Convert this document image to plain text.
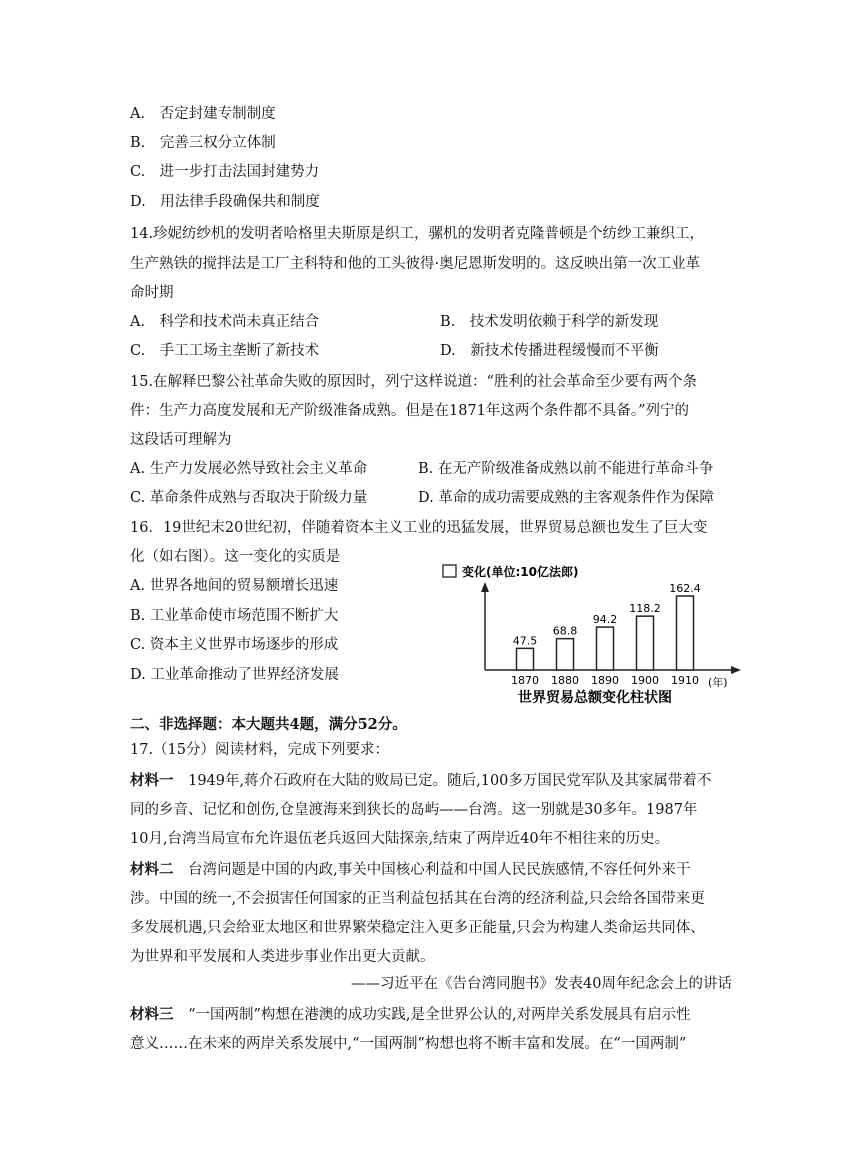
A.　否定封建专制制度
B.　完善三权分立体制
C.　进一步打击法国封建势力
D.　用法律手段确保共和制度
14.珍妮纺纱机的发明者哈格里夫斯原是织工，骡机的发明者克隆普顿是个纺纱工兼织工，
生产熟铁的搅拌法是工厂主科特和他的工头彼得·奥尼恩斯发明的。这反映出第一次工业革
命时期
A.　科学和技术尚未真正结合	B.　技术发明依赖于科学的新发现
C.　手工工场主垄断了新技术	D.　新技术传播进程缓慢而不平衡
15.在解释巴黎公社革命失败的原因时，列宁这样说道：“胜利的社会革命至少要有两个条
件：生产力高度发展和无产阶级准备成熟。但是在1871年这两个条件都不具备。”列宁的
这段话可理解为
A. 生产力发展必然导致社会主义革命	B. 在无产阶级准备成熟以前不能进行革命斗争
C. 革命条件成熟与否取决于阶级力量	D. 革命的成功需要成熟的主客观条件作为保障
16．19世纪末20世纪初，伴随着资本主义工业的迅猛发展，世界贸易总额也发生了巨大变
化（如右图）。这一变化的实质是
A. 世界各地间的贸易额增长迅速
B. 工业革命使市场范围不断扩大
C. 资本主义世界市场逐步的形成
D. 工业革命推动了世界经济发展
变化(单位:10亿法郎)
47.5
1870
68.8
1880
94.2
1890
118.2
1900
162.4
1910 (年)
世界贸易总额变化柱状图
二、非选择题：本大题共4题，满分52分。
17.（15分）阅读材料，完成下列要求：
材料一 1949年,蒋介石政府在大陆的败局已定。随后,100多万国民党军队及其家属带着不
同的乡音、记忆和创伤,仓皇渡海来到狭长的岛屿——台湾。这一别就是30多年。1987年
10月,台湾当局宣布允许退伍老兵返回大陆探亲,结束了两岸近40年不相往来的历史。
材料二 台湾问题是中国的内政,事关中国核心利益和中国人民民族感情,不容任何外来干
涉。中国的统一,不会损害任何国家的正当利益包括其在台湾的经济利益,只会给各国带来更
多发展机遇,只会给亚太地区和世界繁荣稳定注入更多正能量,只会为构建人类命运共同体、
为世界和平发展和人类进步事业作出更大贡献。
——习近平在《告台湾同胞书》发表40周年纪念会上的讲话
材料三 “一国两制”构想在港澳的成功实践,是全世界公认的,对两岸关系发展具有启示性
意义……在未来的两岸关系发展中,“一国两制”构想也将不断丰富和发展。在“一国两制”
